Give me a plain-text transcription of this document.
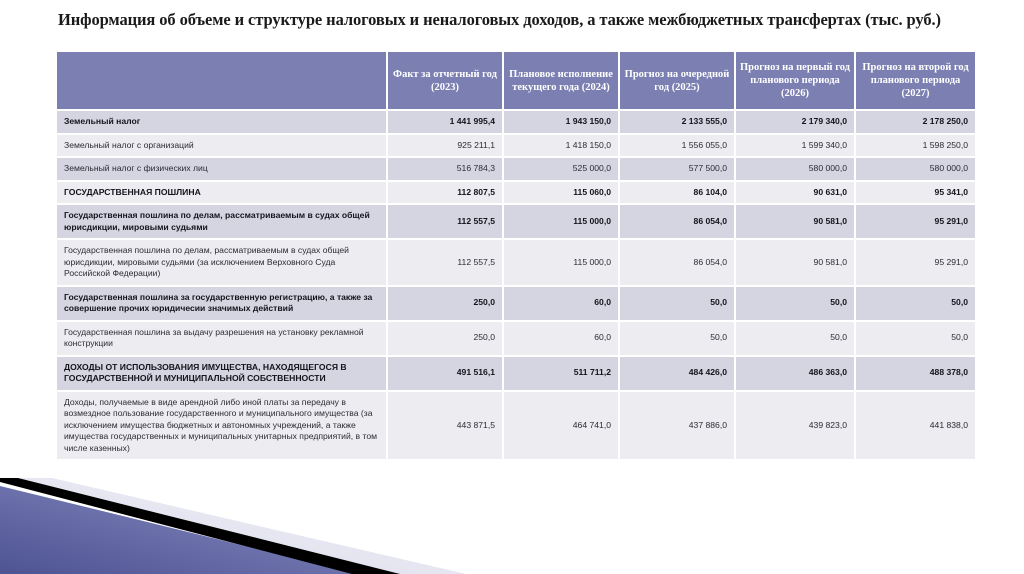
Информация об объеме и структуре налоговых и неналоговых доходов, а также межбюджетных трансфертах (тыс. руб.)
	Факт за отчетный год (2023)	Плановое исполнение текущего года (2024)	Прогноз на очередной год (2025)	Прогноз на первый год планового периода (2026)	Прогноз на второй год планового периода (2027)
Земельный налог	1 441 995,4	1 943 150,0	2 133 555,0	2 179 340,0	2 178 250,0
Земельный налог с организаций	925 211,1	1 418 150,0	1 556 055,0	1 599 340,0	1 598 250,0
Земельный налог с физических лиц	516 784,3	525 000,0	577 500,0	580 000,0	580 000,0
ГОСУДАРСТВЕННАЯ ПОШЛИНА	112 807,5	115 060,0	86 104,0	90 631,0	95 341,0
Государственная пошлина по делам, рассматриваемым в судах общей юрисдикции, мировыми судьями	112 557,5	115 000,0	86 054,0	90 581,0	95 291,0
Государственная пошлина по делам, рассматриваемым в судах общей юрисдикции, мировыми судьями (за исключением Верховного Суда Российской Федерации)	112 557,5	115 000,0	86 054,0	90 581,0	95 291,0
Государственная пошлина за государственную регистрацию, а также за совершение прочих юридичесии значимых действий	250,0	60,0	50,0	50,0	50,0
Государственная пошлина за выдачу разрешения на установку рекламной конструкции	250,0	60,0	50,0	50,0	50,0
ДОХОДЫ ОТ ИСПОЛЬЗОВАНИЯ ИМУЩЕСТВА, НАХОДЯЩЕГОСЯ В ГОСУДАРСТВЕННОЙ И МУНИЦИПАЛЬНОЙ СОБСТВЕННОСТИ	491 516,1	511 711,2	484 426,0	486 363,0	488 378,0
Доходы, получаемые в виде арендной либо иной платы за передачу в возмездное пользование государственного и муниципального имущества (за исключением имущества бюджетных и автономных учреждений, а также имущества государственных и муниципальных унитарных предприятий, в том числе казенных)	443 871,5	464 741,0	437 886,0	439 823,0	441 838,0
